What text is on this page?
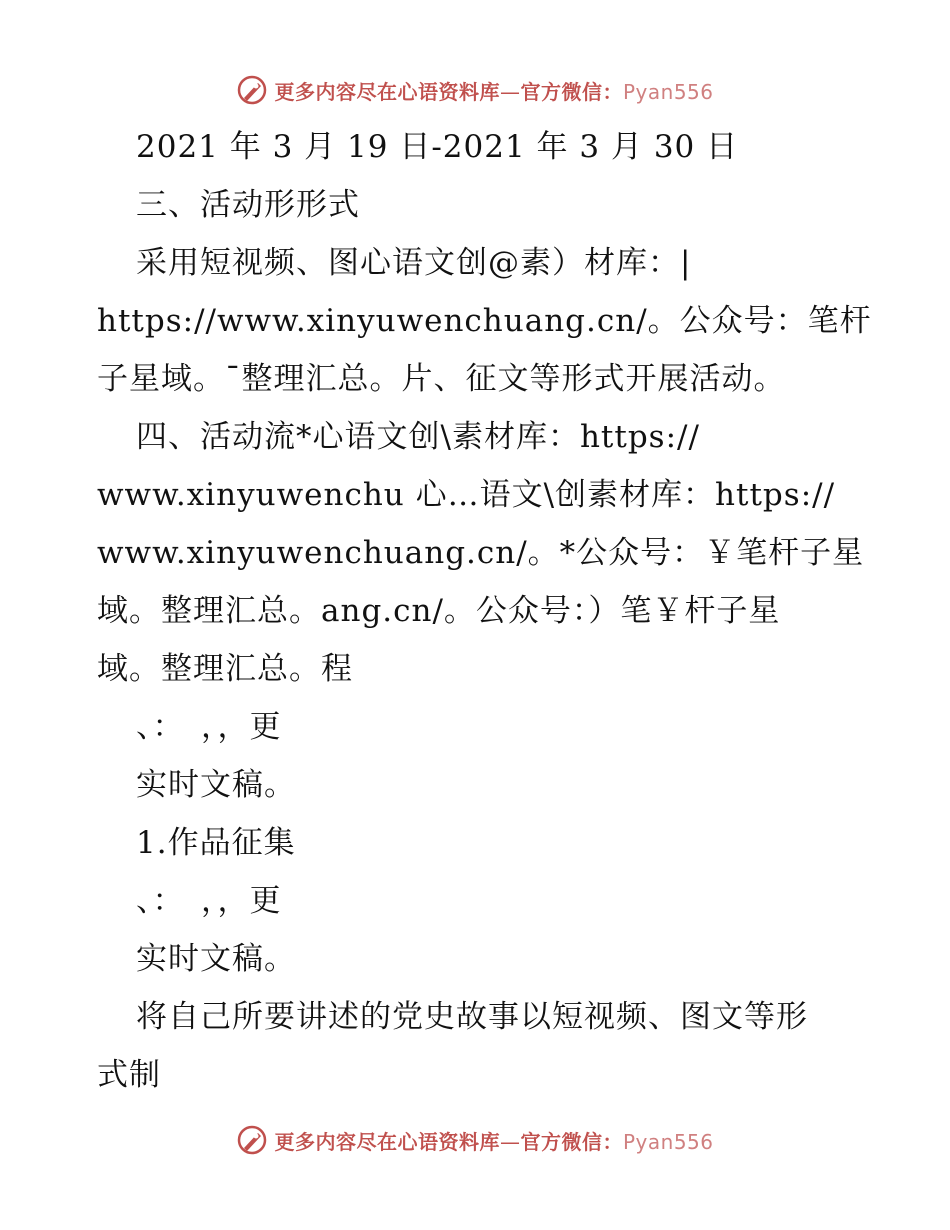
更多内容尽在心语资料库—官方微信：Pyan556
2021 年 3 月 19 日-2021 年 3 月 30 日
三、活动形形式
采用短视频、图心语文创@素）材库：|
https://www.xinyuwenchuang.cn/。公众号：笔杆
子星域。¯整理汇总。片、征文等形式开展活动。
四、活动流*心语文创\素材库：https://
www.xinyuwenchu 心…语文\创素材库：https://
www.xinyuwenchuang.cn/。*公众号：￥笔杆子星
域。整理汇总。ang.cn/。公众号：）笔￥杆子星
域。整理汇总。程
、：　，，更
实时文稿。
1.作品征集
、：　，，更
实时文稿。
将自己所要讲述的党史故事以短视频、图文等形
式制
更多内容尽在心语资料库—官方微信：Pyan556
